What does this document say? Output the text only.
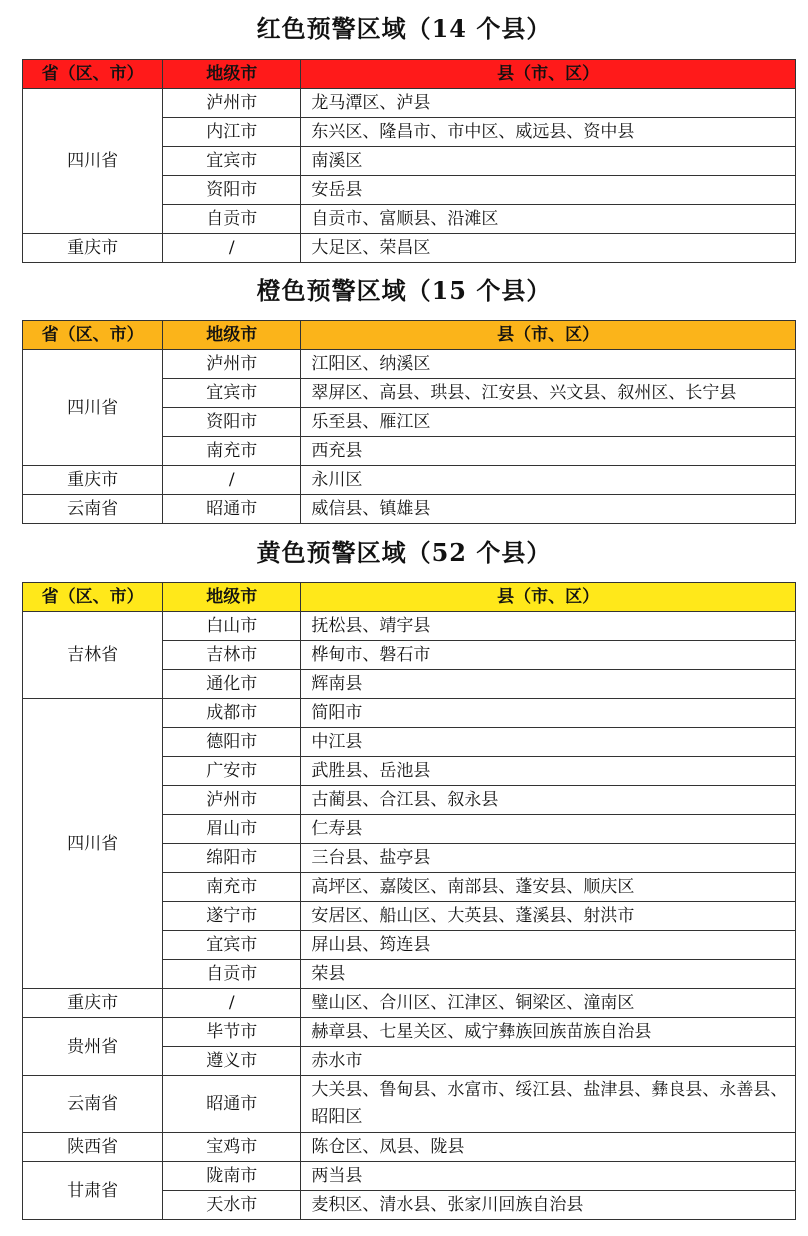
红色预警区域（14 个县）
省（区、市）	地级市	县（市、区）
四川省	泸州市	龙马潭区、泸县
	内江市	东兴区、隆昌市、市中区、威远县、资中县
	宜宾市	南溪区
	资阳市	安岳县
	自贡市	自贡市、富顺县、沿滩区
重庆市	/	大足区、荣昌区
橙色预警区域（15 个县）
省（区、市）	地级市	县（市、区）
四川省	泸州市	江阳区、纳溪区
	宜宾市	翠屏区、高县、珙县、江安县、兴文县、叙州区、长宁县
	资阳市	乐至县、雁江区
	南充市	西充县
重庆市	/	永川区
云南省	昭通市	威信县、镇雄县
黄色预警区域（52 个县）
省（区、市）	地级市	县（市、区）
吉林省	白山市	抚松县、靖宇县
	吉林市	桦甸市、磐石市
	通化市	辉南县
四川省	成都市	简阳市
	德阳市	中江县
	广安市	武胜县、岳池县
	泸州市	古蔺县、合江县、叙永县
	眉山市	仁寿县
	绵阳市	三台县、盐亭县
	南充市	高坪区、嘉陵区、南部县、蓬安县、顺庆区
	遂宁市	安居区、船山区、大英县、蓬溪县、射洪市
	宜宾市	屏山县、筠连县
	自贡市	荣县
重庆市	/	璧山区、合川区、江津区、铜梁区、潼南区
贵州省	毕节市	赫章县、七星关区、威宁彝族回族苗族自治县
	遵义市	赤水市
云南省	昭通市	大关县、鲁甸县、水富市、绥江县、盐津县、彝良县、永善县、昭阳区
陕西省	宝鸡市	陈仓区、凤县、陇县
甘肃省	陇南市	两当县
	天水市	麦积区、清水县、张家川回族自治县
